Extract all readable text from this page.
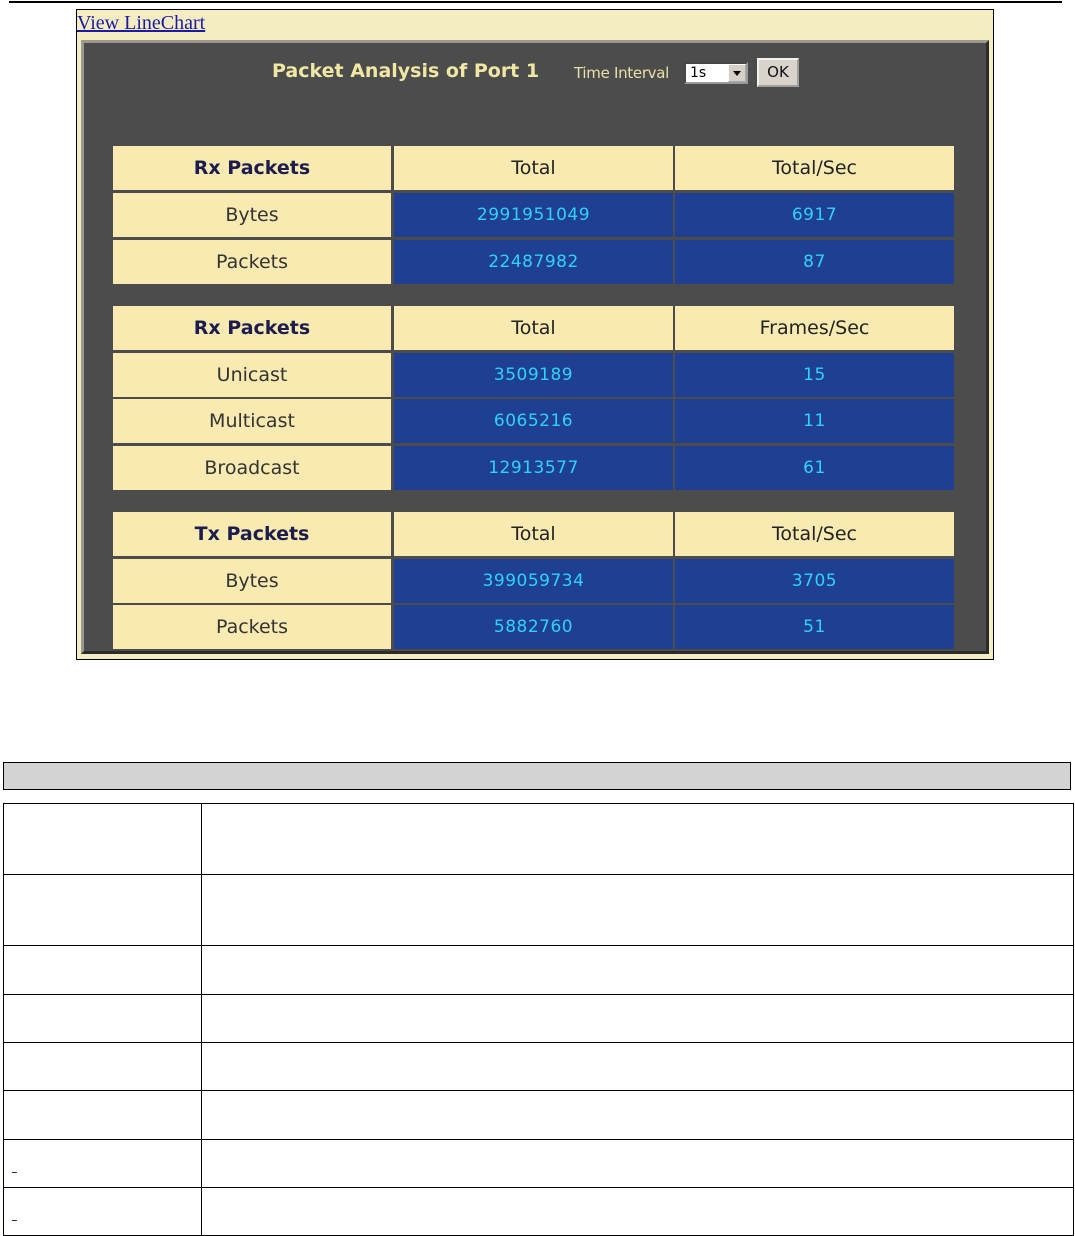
View LineChart
Packet Analysis of Port 1 Time Interval 1s	OK
Rx Packets	Total	Total/Sec
Bytes	2991951049	6917
Packets	22487982	87
Rx Packets	Total	Frames/Sec
Unicast	3509189	15
Multicast	6065216	11
Broadcast	12913577	61
Tx Packets	Total	Total/Sec
Bytes	399059734	3705
Packets	5882760	51
